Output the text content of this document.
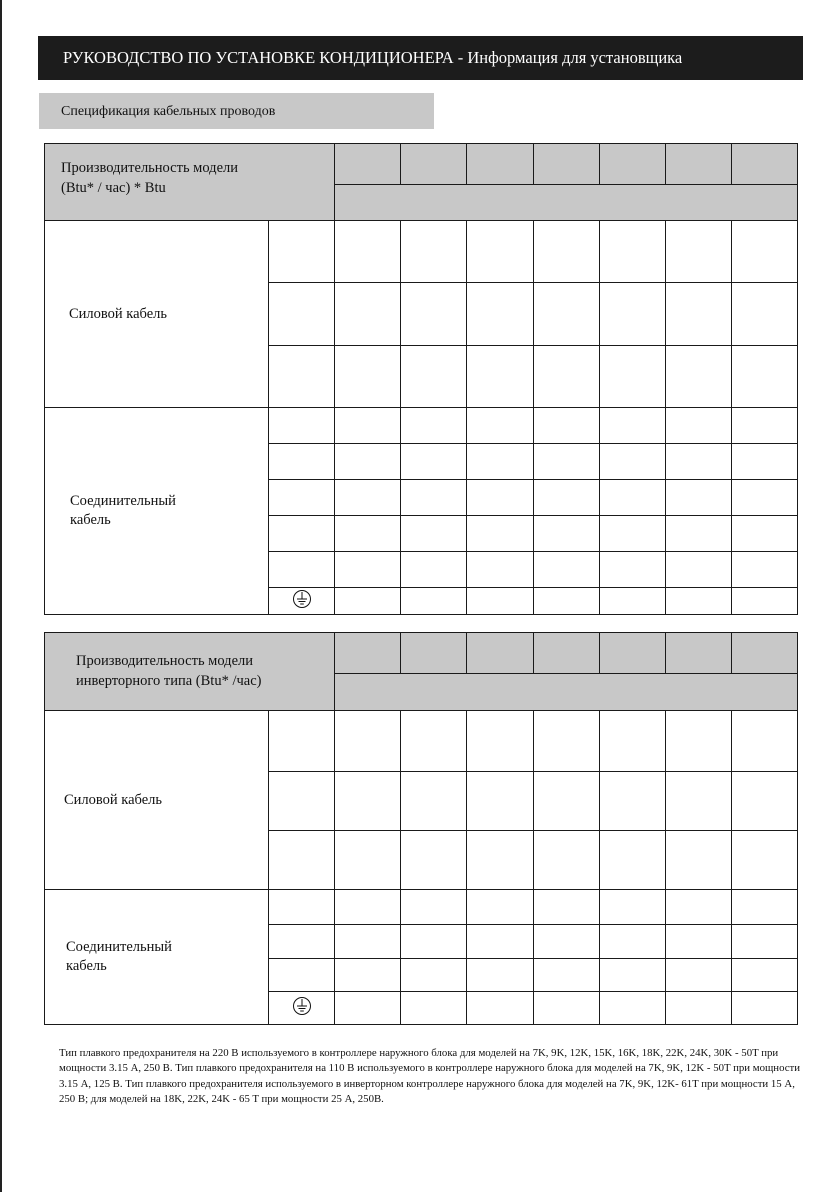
РУКОВОДСТВО ПО УСТАНОВКЕ КОНДИЦИОНЕРА - Информация для установщика
Спецификация кабельных проводов
Производительность модели
(Btu* / час) * Btu								

Силовой кабель								

Соединительный
кабель								

Производительность модели
инверторного типа (Btu* /час)								

Силовой кабель								

Соединительный
кабель								

Тип плавкого предохранителя на 220 В используемого в контроллере наружного блока для моделей на 7K, 9K, 12K, 15K, 16K, 18K, 22K, 24K, 30K - 50T при мощности 3.15 A, 250 B. Тип плавкого предохранителя на 110 В используемого в контроллере наружного блока для моделей на 7K, 9K, 12K - 50T при мощности 3.15 A, 125 B. Тип плавкого предохранителя используемого в инверторном контроллере наружного блока для моделей на 7K, 9K, 12K- 61T при мощности 15 A, 250 B; для моделей на 18K, 22K, 24K - 65 T при мощности 25 A, 250B.
